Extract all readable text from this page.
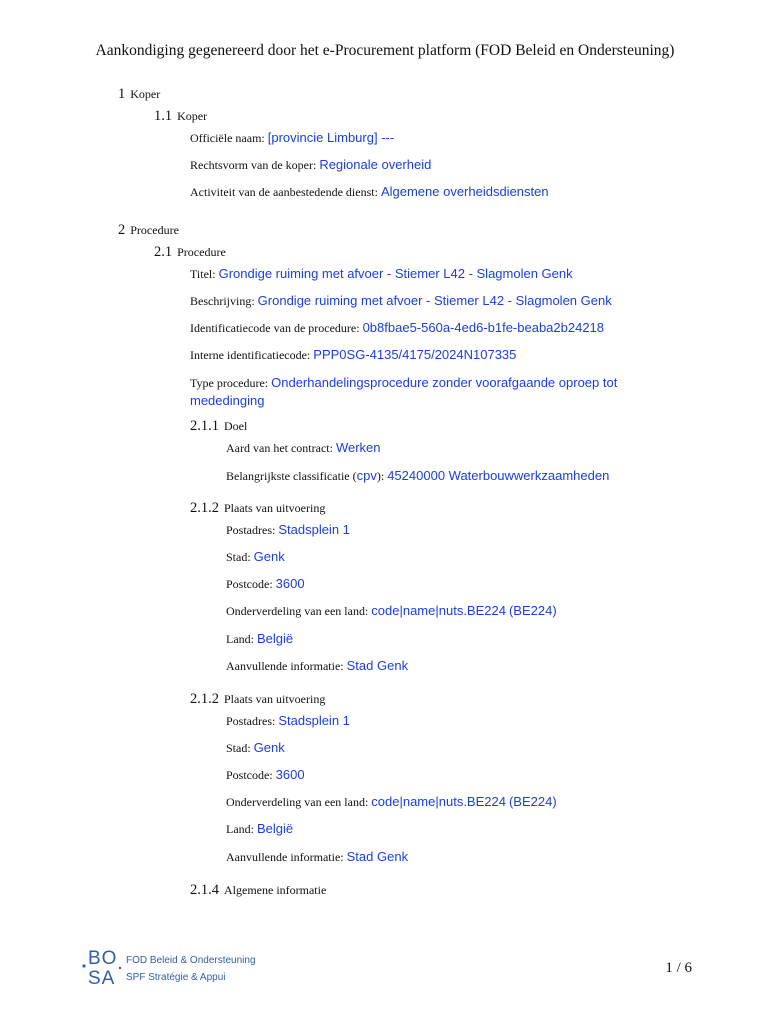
Aankondiging gegenereerd door het e-Procurement platform (FOD Beleid en Ondersteuning)
1 Koper
1.1 Koper
Officiële naam: [provincie Limburg] ---
Rechtsvorm van de koper: Regionale overheid
Activiteit van de aanbestedende dienst: Algemene overheidsdiensten
2 Procedure
2.1 Procedure
Titel: Grondige ruiming met afvoer - Stiemer L42 - Slagmolen Genk
Beschrijving: Grondige ruiming met afvoer - Stiemer L42 - Slagmolen Genk
Identificatiecode van de procedure: 0b8fbae5-560a-4ed6-b1fe-beaba2b24218
Interne identificatiecode: PPP0SG-4135/4175/2024N107335
Type procedure: Onderhandelingsprocedure zonder voorafgaande oproep tot mededinging
2.1.1 Doel
Aard van het contract: Werken
Belangrijkste classificatie (cpv): 45240000 Waterbouwwerkzaamheden
2.1.2 Plaats van uitvoering
Postadres: Stadsplein 1
Stad: Genk
Postcode: 3600
Onderverdeling van een land: code|name|nuts.BE224 (BE224)
Land: België
Aanvullende informatie: Stad Genk
2.1.2 Plaats van uitvoering
Postadres: Stadsplein 1
Stad: Genk
Postcode: 3600
Onderverdeling van een land: code|name|nuts.BE224 (BE224)
Land: België
Aanvullende informatie: Stad Genk
2.1.4 Algemene informatie
BO
SA
FOD Beleid & Ondersteuning
SPF Stratégie & Appui
1 / 6
